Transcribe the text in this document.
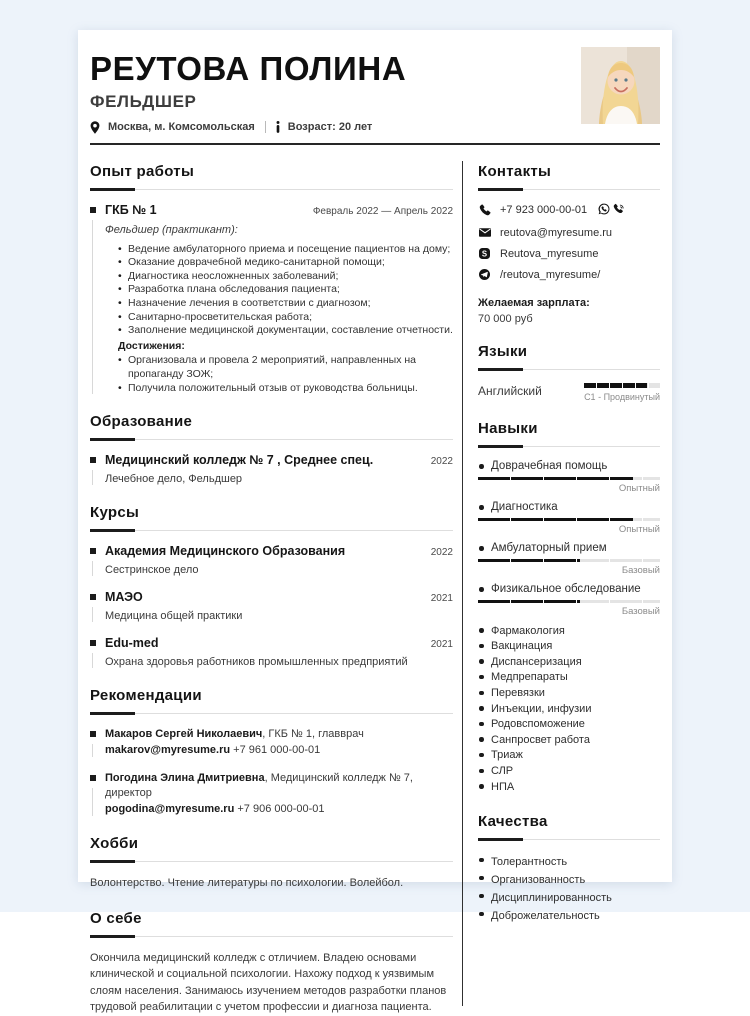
РЕУТОВА ПОЛИНА
ФЕЛЬДШЕР
Москва, м. Комсомольская	Возраст: 20 лет
Опыт работы
ГКБ № 1	Февраль 2022 — Апрель 2022
Фельдшер (практикант):
• Ведение амбулаторного приема и посещение пациентов на дому;
• Оказание доврачебной медико-санитарной помощи;
• Диагностика неосложненных заболеваний;
• Разработка плана обследования пациента;
• Назначение лечения в соответствии с диагнозом;
• Санитарно-просветительская работа;
• Заполнение медицинской документации, составление отчетности.
Достижения:
• Организовала и провела 2 мероприятий, направленных на пропаганду ЗОЖ;
• Получила положительный отзыв от руководства больницы.
Образование
Медицинский колледж № 7 , Среднее спец.	2022
Лечебное дело, Фельдшер
Курсы
Академия Медицинского Образования	2022
Сестринское дело
МАЭО	2021
Медицина общей практики
Edu-med	2021
Охрана здоровья работников промышленных предприятий
Рекомендации
Макаров Сергей Николаевич, ГКБ № 1, главврач
makarov@myresume.ru +7 961 000-00-01
Погодина Элина Дмитриевна, Медицинский колледж № 7, директор
pogodina@myresume.ru +7 906 000-00-01
Хобби
Волонтерство. Чтение литературы по психологии. Волейбол.
О себе
Окончила медицинский колледж с отличием. Владею основами клинической и социальной психологии. Нахожу подход к уязвимым слоям населения. Занимаюсь изучением методов разработки планов трудовой реабилитации с учетом профессии и диагноза пациента.
Контакты
+7 923 000-00-01
reutova@myresume.ru
S Reutova_myresume
/reutova_myresume/
Желаемая зарплата:
70 000 руб
Языки
Английский	C1 - Продвинутый
Навыки
Доврачебная помощь
Опытный
Диагностика
Опытный
Амбулаторный прием
Базовый
Физикальное обследование
Базовый
Фармакология
Вакцинация
Диспансеризация
Медпрепараты
Перевязки
Инъекции, инфузии
Родовспоможение
Санпросвет работа
Триаж
СЛР
НПА
Качества
Толерантность
Организованность
Дисциплинированность
Доброжелательность
